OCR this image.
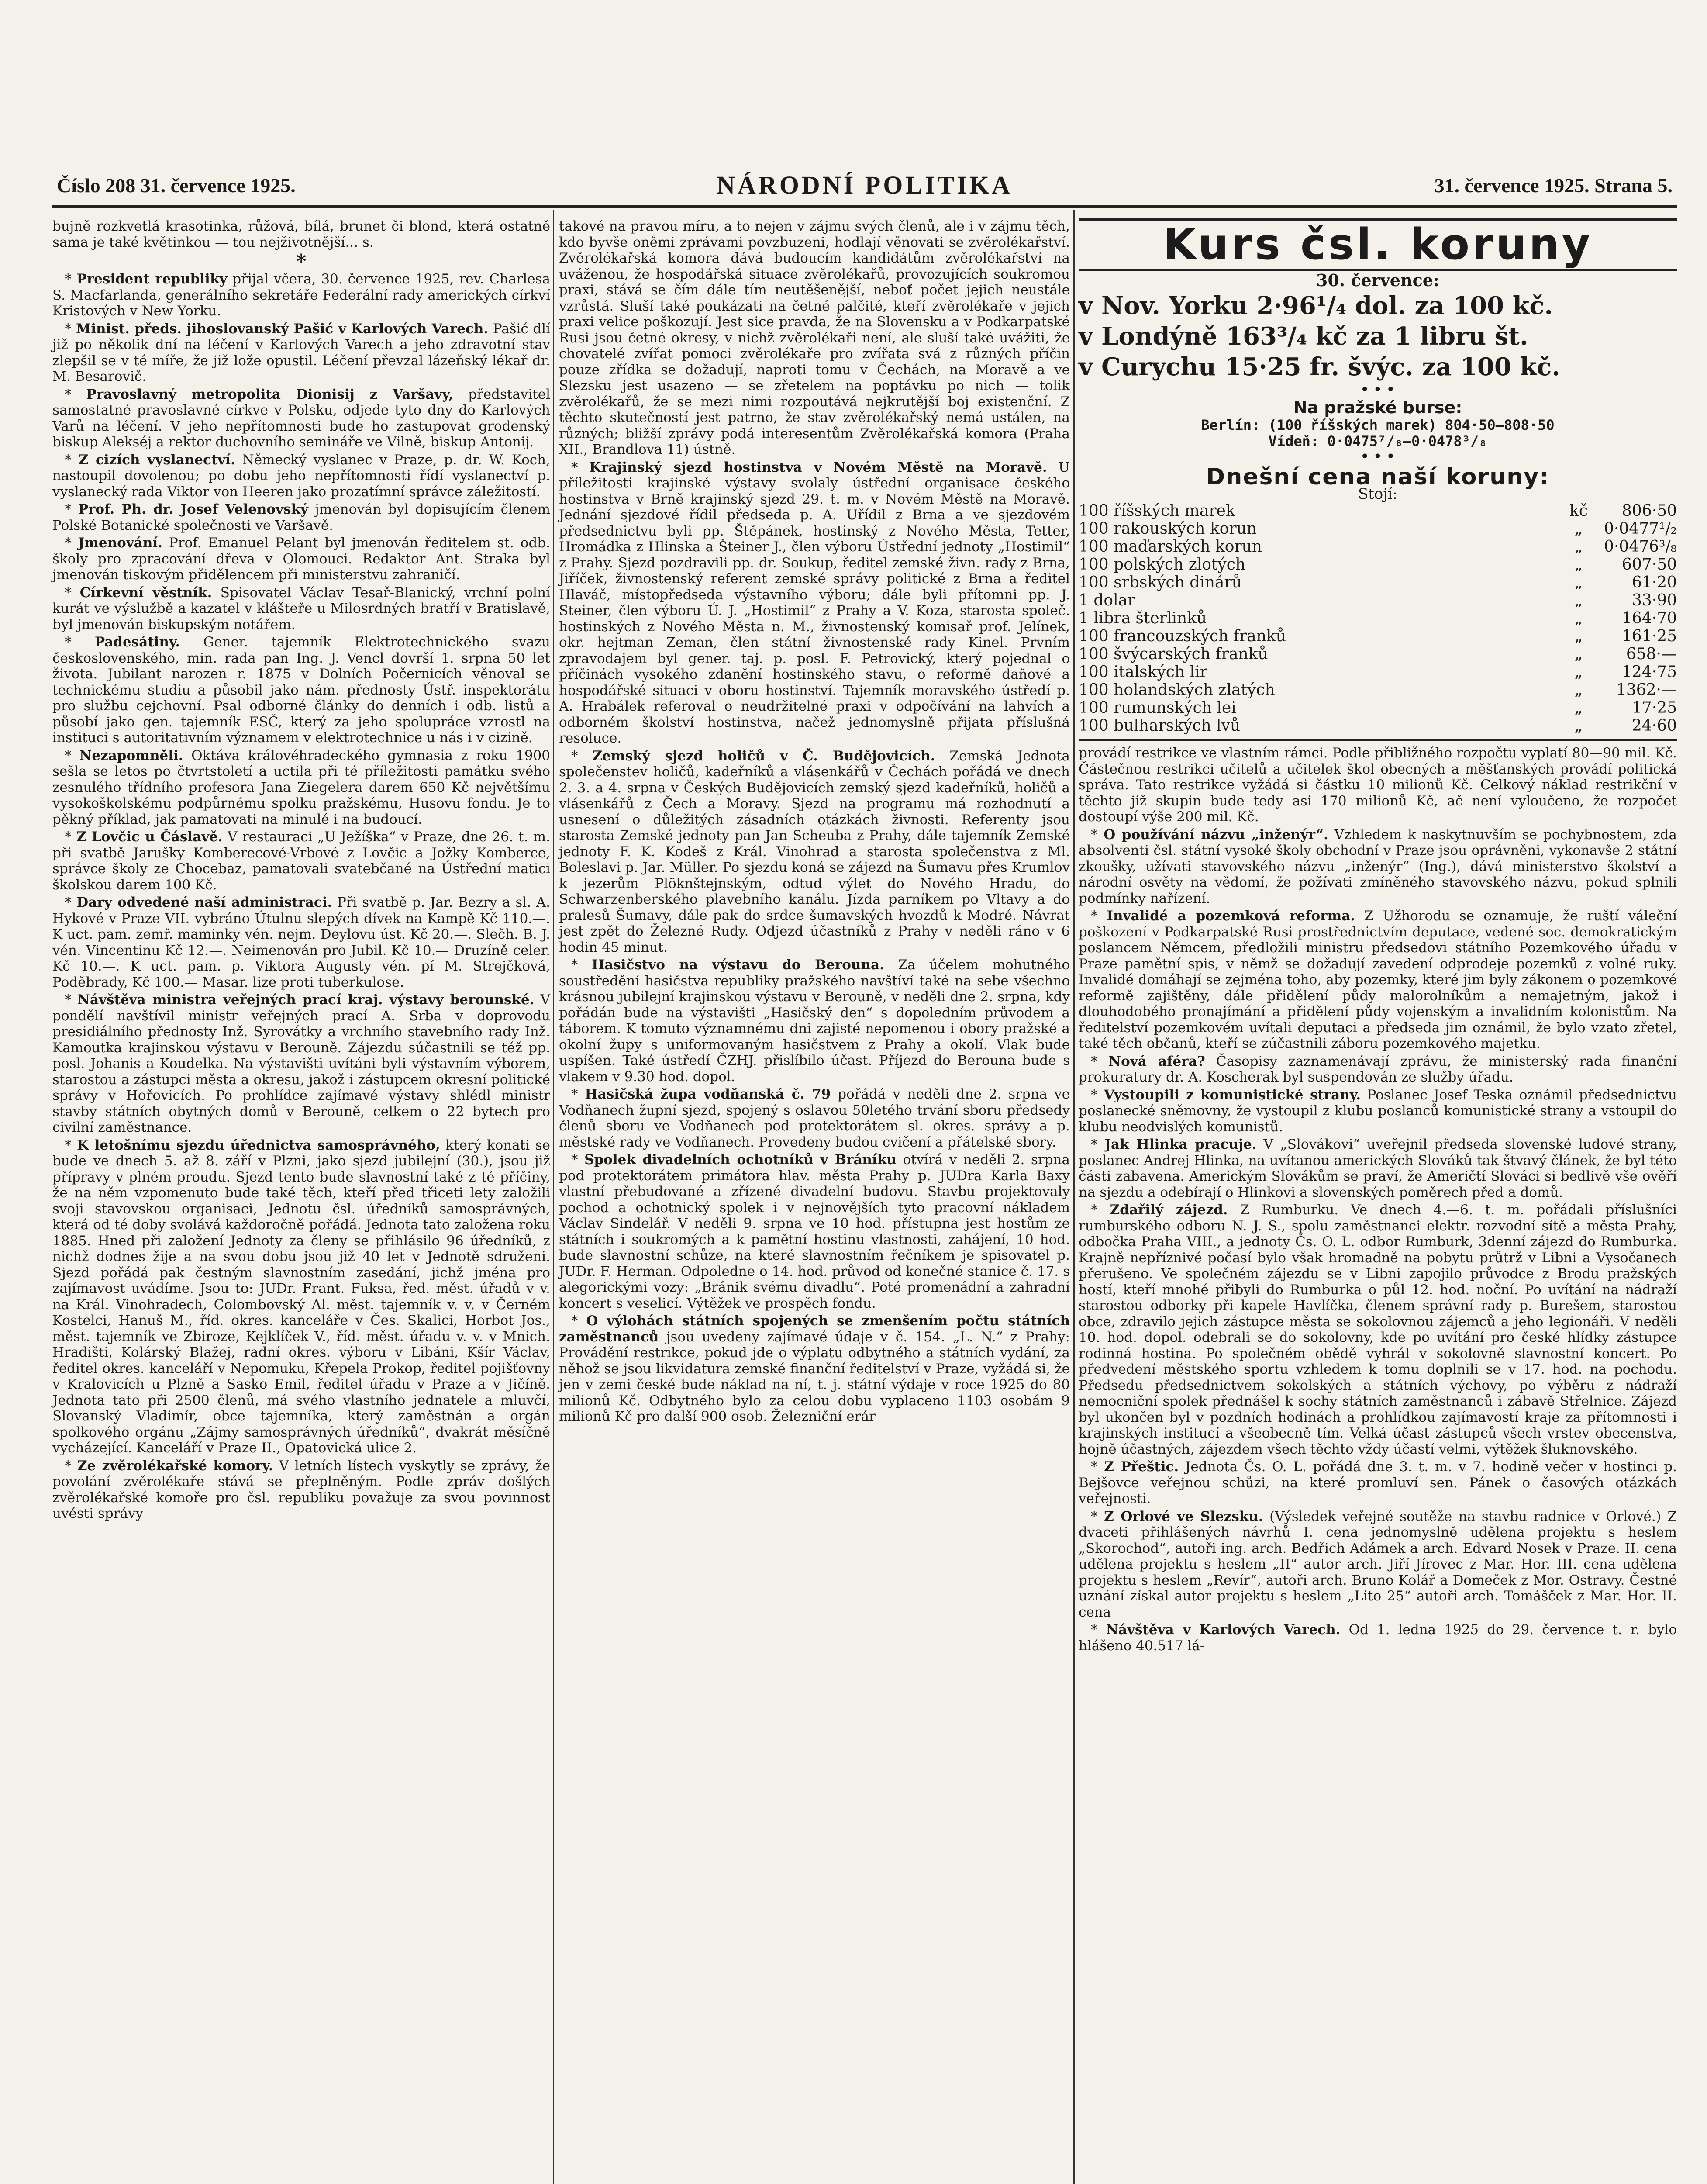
Číslo 208 31. července 1925.	NÁRODNÍ POLITIKA	31. července 1925. Strana 5.

bujně rozkvetlá krasotinka, růžová, bílá, brunet či blond, která ostatně sama je také květinkou — tou nejživotnější... s.

*

* President republiky přijal včera, 30. července 1925, rev. Charlesa S. Macfarlanda, generálního sekretáře Federální rady amerických církví Kristových v New Yorku.

* Minist. předs. jihoslovanský Pašić v Karlových Varech. Pašić dlí již po několik dní na léčení v Karlových Varech a jeho zdravotní stav zlepšil se v té míře, že již lože opustil. Léčení převzal lázeňský lékař dr. M. Besarovič.

* Pravoslavný metropolita Dionisij z Varšavy, představitel samostatné pravoslavné církve v Polsku, odjede tyto dny do Karlových Varů na léčení. V jeho nepřítomnosti bude ho zastupovat grodenský biskup Alekséj a rektor duchovního semináře ve Vilně, biskup Antonij.

* Z cizích vyslanectví. Německý vyslanec v Praze, p. dr. W. Koch, nastoupil dovolenou; po dobu jeho nepřítomnosti řídí vyslanectví p. vyslanecký rada Viktor von Heeren jako prozatímní správce záležitostí.

* Prof. Ph. dr. Josef Velenovský jmenován byl dopisujícím členem Polské Botanické společnosti ve Varšavě.

* Jmenování. Prof. Emanuel Pelant byl jmenován ředitelem st. odb. školy pro zpracování dřeva v Olomouci. Redaktor Ant. Straka byl jmenován tiskovým přidělencem při ministerstvu zahraničí.

* Církevní věstník. Spisovatel Václav Tesař-Blanický, vrchní polní kurát ve výslužbě a kazatel v klášteře u Milosrdných bratří v Bratislavě, byl jmenován biskupským notářem.

* Padesátiny. Gener. tajemník Elektrotechnického svazu československého, min. rada pan Ing. J. Vencl dovrší 1. srpna 50 let života. Jubilant narozen r. 1875 v Dolních Počernicích věnoval se technickému studiu a působil jako nám. přednosty Ústř. inspektorátu pro službu cejchovní. Psal odborné články do denních i odb. listů a působí jako gen. tajemník ESČ, který za jeho spolupráce vzrostl na instituci s autoritativním významem v elektrotechnice u nás i v cizině.

* Nezapomněli. Oktáva královéhradeckého gymnasia z roku 1900 sešla se letos po čtvrtstoletí a uctila při té příležitosti památku svého zesnulého třídního profesora Jana Ziegelera darem 650 Kč největšímu vysokoškolskému podpůrnému spolku pražskému, Husovu fondu. Je to pěkný příklad, jak pamatovati na minulé i na budoucí.

* Z Lovčic u Čáslavě. V restauraci „U Ježíška“ v Praze, dne 26. t. m. při svatbě Jarušky Komberecové-Vrbové z Lovčic a Jožky Komberce, správce školy ze Chocebaz, pamatovali svatebčané na Ústřední matici školskou darem 100 Kč.

* Dary odvedené naší administraci. Při svatbě p. Jar. Bezry a sl. A. Hykové v Praze VII. vybráno Útulnu slepých dívek na Kampě Kč 110.—. K uct. pam. zemř. maminky vén. nejm. Deylovu úst. Kč 20.—. Slečh. B. J. vén. Vincentinu Kč 12.—. Neimenován pro Jubil. Kč 10.— Druzíně celer. Kč 10.—. K uct. pam. p. Viktora Augusty vén. pí M. Strejčková, Poděbrady, Kč 100.— Masar. lize proti tuberkulose.

* Návštěva ministra veřejných prací kraj. výstavy berounské. V pondělí navštívil ministr veřejných prací A. Srba v doprovodu presidiálního přednosty Inž. Syrovátky a vrchního stavebního rady Inž. Kamoutka krajinskou výstavu v Berouně. Zájezdu súčastnili se též pp. posl. Johanis a Koudelka. Na výstavišti uvítáni byli výstavním výborem, starostou a zástupci města a okresu, jakož i zástupcem okresní politické správy v Hořovicích. Po prohlídce zajímavé výstavy shlédl ministr stavby státních obytných domů v Berouně, celkem o 22 bytech pro civilní zaměstnance.

* K letošnímu sjezdu úřednictva samosprávného, který konati se bude ve dnech 5. až 8. září v Plzni, jako sjezd jubilejní (30.), jsou již přípravy v plném proudu. Sjezd tento bude slavnostní také z té příčiny, že na něm vzpomenuto bude také těch, kteří před třiceti lety založili svoji stavovskou organisaci, Jednotu čsl. úředníků samosprávných, která od té doby svolává každoročně pořádá. Jednota tato založena roku 1885. Hned při založení Jednoty za členy se přihlásilo 96 úředníků, z nichž dodnes žije a na svou dobu jsou již 40 let v Jednotě sdruženi. Sjezd pořádá pak čestným slavnostním zasedání, jichž jména pro zajímavost uvádíme. Jsou to: JUDr. Frant. Fuksa, řed. měst. úřadů v v. na Král. Vinohradech, Colombovský Al. měst. tajemník v. v. v Černém Kostelci, Hanuš M., říd. okres. kanceláře v Čes. Skalici, Horbot Jos., měst. tajemník ve Zbiroze, Kejklíček V., říd. měst. úřadu v. v. v Mnich. Hradišti, Kolárský Blažej, radní okres. výboru v Libáni, Kšír Václav, ředitel okres. kanceláří v Nepomuku, Křepela Prokop, ředitel pojišťovny v Kralovicích u Plzně a Sasko Emil, ředitel úřadu v Praze a v Jičíně. Jednota tato při 2500 členů, má svého vlastního jednatele a mluvčí, Slovanský Vladimír, obce tajemníka, který zaměstnán a orgán spolkového orgánu „Zájmy samosprávných úředníků“, dvakrát měsíčně vycházející. Kanceláří v Praze II., Opatovická ulice 2.

* Ze zvěrolékařské komory. V letních lístech vyskytly se zprávy, že povolání zvěrolékaře stává se přeplněným. Podle zpráv došlých zvěrolékařské komoře pro čsl. republiku považuje za svou povinnost uvésti správy

takové na pravou míru, a to nejen v zájmu svých členů, ale i v zájmu těch, kdo byvše oněmi zprávami povzbuzeni, hodlají věnovati se zvěrolékařství. Zvěrolékařská komora dává budoucím kandidátům zvěrolékařství na uváženou, že hospodářská situace zvěrolékařů, provozujících soukromou praxi, stává se čím dále tím neutěšenější, neboť počet jejich neustále vzrůstá. Sluší také poukázati na četné palčité, kteří zvěrolékaře v jejich praxi velice poškozují. Jest sice pravda, že na Slovensku a v Podkarpatské Rusi jsou četné okresy, v nichž zvěrolékaři není, ale sluší také uvážiti, že chovatelé zvířat pomoci zvěrolékaře pro zvířata svá z různých příčin pouze zřídka se dožadují, naproti tomu v Čechách, na Moravě a ve Slezsku jest usazeno — se zřetelem na poptávku po nich — tolik zvěrolékařů, že se mezi nimi rozpoutává nejkrutější boj existenční. Z těchto skutečností jest patrno, že stav zvěrolékařský nemá ustálen, na různých; bližší zprávy podá interesentům Zvěrolékařská komora (Praha XII., Brandlova 11) ústně.

* Krajinský sjezd hostinstva v Novém Městě na Moravě. U příležitosti krajinské výstavy svolaly ústřední organisace českého hostinstva v Brně krajinský sjezd 29. t. m. v Novém Městě na Moravě. Jednání sjezdové řídil předseda p. A. Uřídil z Brna a ve sjezdovém předsednictvu byli pp. Štěpánek, hostinský z Nového Města, Tetter, Hromádka z Hlinska a Šteiner J., člen výboru Ústřední jednoty „Hostimil“ z Prahy. Sjezd pozdravili pp. dr. Soukup, ředitel zemské živn. rady z Brna, Jiříček, živnostenský referent zemské správy politické z Brna a ředitel Hlaváč, místopředseda výstavního výboru; dále byli přítomni pp. J. Steiner, člen výboru Ú. J. „Hostimil“ z Prahy a V. Koza, starosta společ. hostinských z Nového Města n. M., živnostenský komisař prof. Jelínek, okr. hejtman Zeman, člen státní živnostenské rady Kinel. Prvním zpravodajem byl gener. taj. p. posl. F. Petrovický, který pojednal o příčinách vysokého zdanění hostinského stavu, o reformě daňové a hospodářské situaci v oboru hostinství. Tajemník moravského ústředí p. A. Hrabálek referoval o neudržitelné praxi v odpočívání na lahvích a odborném školství hostinstva, načež jednomyslně přijata příslušná resoluce.

* Zemský sjezd holičů v Č. Budějovicích. Zemská Jednota společenstev holičů, kadeřníků a vlásenkářů v Čechách pořádá ve dnech 2. 3. a 4. srpna v Českých Budějovicích zemský sjezd kadeřníků, holičů a vlásenkářů z Čech a Moravy. Sjezd na programu má rozhodnutí a usnesení o důležitých zásadních otázkách živnosti. Referenty jsou starosta Zemské jednoty pan Jan Scheuba z Prahy, dále tajemník Zemské jednoty F. K. Kodeš z Král. Vinohrad a starosta společenstva z Ml. Boleslavi p. Jar. Müller. Po sjezdu koná se zájezd na Šumavu přes Krumlov k jezerům Plöknštejnským, odtud výlet do Nového Hradu, do Schwarzenberského plavebního kanálu. Jízda parníkem po Vltavy a do pralesů Šumavy, dále pak do srdce šumavských hvozdů k Modré. Návrat jest zpět do Železné Rudy. Odjezd účastníků z Prahy v neděli ráno v 6 hodin 45 minut.

* Hasičstvo na výstavu do Berouna. Za účelem mohutného soustředění hasičstva republiky pražského navštíví také na sebe všechno krásnou jubilejní krajinskou výstavu v Berouně, v neděli dne 2. srpna, kdy pořádán bude na výstavišti „Hasičský den“ s dopoledním průvodem a táborem. K tomuto významnému dni zajisté nepomenou i obory pražské a okolní župy s uniformovaným hasičstvem z Prahy a okolí. Vlak bude uspíšen. Také ústředí ČZHJ. přislíbilo účast. Příjezd do Berouna bude s vlakem v 9.30 hod. dopol.

* Hasičská župa vodňanská č. 79 pořádá v neděli dne 2. srpna ve Vodňanech župní sjezd, spojený s oslavou 50letého trvání sboru předsedy členů sboru ve Vodňanech pod protektorátem sl. okres. správy a p. městské rady ve Vodňanech. Provedeny budou cvičení a přátelské sbory.

* Spolek divadelních ochotníků v Bráníku otvírá v neděli 2. srpna pod protektorátem primátora hlav. města Prahy p. JUDra Karla Baxy vlastní přebudované a zřízené divadelní budovu. Stavbu projektovaly pochod a ochotnický spolek i v nejnovějších tyto pracovní nákladem Václav Sindelář. V neděli 9. srpna ve 10 hod. přístupna jest hostům ze státních i soukromých a k pamětní hostinu vlastnosti, zahájení, 10 hod. bude slavnostní schůze, na které slavnostním řečníkem je spisovatel p. JUDr. F. Herman. Odpoledne o 14. hod. průvod od konečné stanice č. 17. s alegorickými vozy: „Bránik svému divadlu“. Poté promenádní a zahradní koncert s veselicí. Výtěžek ve prospěch fondu.

* O výlohách státních spojených se zmenšením počtu státních zaměstnanců jsou uvedeny zajímavé údaje v č. 154. „L. N.“ z Prahy: Provádění restrikce, pokud jde o výplatu odbytného a státních vydání, za něhož se jsou likvidatura zemské finanční ředitelství v Praze, vyžádá si, že jen v zemi české bude náklad na ní, t. j. státní výdaje v roce 1925 do 80 milionů Kč. Odbytného bylo za celou dobu vyplaceno 1103 osobám 9 milionů Kč pro další 900 osob. Železniční erár

Kurs čsl. koruny

30. července:

v Nov. Yorku 2·96¹/₄ dol. za 100 kč.

v Londýně 163³/₄ kč za 1 libru št.

v Curychu 15·25 fr. švýc. za 100 kč.

• • •

Na pražské burse:

Berlín: (100 říšských marek) 804·50—808·50

Vídeň: 0·0475⁷/₈—0·0478³/₈

• • •

Dnešní cena naší koruny:

Stojí:

100 říšských marek	kč	806·50
100 rakouských korun	„	0·0477¹/₂
100 maďarských korun	„	0·0476³/₈
100 polských zlotých	„	607·50
100 srbských dinárů	„	61·20
1 dolar	„	33·90
1 libra šterlinků	„	164·70
100 francouzských franků	„	161·25
100 švýcarských franků	„	658·—
100 italských lir	„	124·75
100 holandských zlatých	„	1362·—
100 rumunských lei	„	17·25
100 bulharských lvů	„	24·60

provádí restrikce ve vlastním rámci. Podle přibližného rozpočtu vyplatí 80—90 mil. Kč. Částečnou restrikci učitelů a učitelek škol obecných a měšťanských provádí politická správa. Tato restrikce vyžádá si částku 10 milionů Kč. Celkový náklad restrikční v těchto již skupin bude tedy asi 170 milionů Kč, ač není vyloučeno, že rozpočet dostoupí výše 200 mil. Kč.

* O používání názvu „inženýr“. Vzhledem k naskytnuvším se pochybnostem, zda absolventi čsl. státní vysoké školy obchodní v Praze jsou oprávněni, vykonavše 2 státní zkoušky, užívati stavovského názvu „inženýr“ (Ing.), dává ministerstvo školství a národní osvěty na vědomí, že požívati zmíněného stavovského názvu, pokud splnili podmínky nařízení.

* Invalidé a pozemková reforma. Z Užhorodu se oznamuje, že ruští váleční poškození v Podkarpatské Rusi prostřednictvím deputace, vedené soc. demokratickým poslancem Němcem, předložili ministru předsedovi státního Pozemkového úřadu v Praze pamětní spis, v němž se dožadují zavedení odprodeje pozemků z volné ruky. Invalidé domáhají se zejména toho, aby pozemky, které jim byly zákonem o pozemkové reformě zajištěny, dále přidělení půdy malorolníkům a nemajetným, jakož i dlouhodobého pronajímání a přidělení půdy vojenským a invalidním kolonistům. Na ředitelství pozemkovém uvítali deputaci a předseda jim oznámil, že bylo vzato zřetel, také těch občanů, kteří se zúčastnili záboru pozemkového majetku.

* Nová aféra? Časopisy zaznamenávají zprávu, že ministerský rada finanční prokuratury dr. A. Koscherak byl suspendován ze služby úřadu.

* Vystoupili z komunistické strany. Poslanec Josef Teska oznámil předsednictvu poslanecké sněmovny, že vystoupil z klubu poslanců komunistické strany a vstoupil do klubu neodvislých komunistů.

* Jak Hlinka pracuje. V „Slovákovi“ uveřejnil předseda slovenské ludové strany, poslanec Andrej Hlinka, na uvítanou amerických Slováků tak štvavý článek, že byl této části zabavena. Americkým Slovákům se praví, že Američtí Slováci si bedlivě vše ověří na sjezdu a odebírají o Hlinkovi a slovenských poměrech před a domů.

* Zdařilý zájezd. Z Rumburku. Ve dnech 4.—6. t. m. pořádali příslušníci rumburského odboru N. J. S., spolu zaměstnanci elektr. rozvodní sítě a města Prahy, odbočka Praha VIII., a jednoty Čs. O. L. odbor Rumburk, 3denní zájezd do Rumburka. Krajně nepříznivé počasí bylo však hromadně na pobytu průtrž v Libni a Vysočanech přerušeno. Ve společném zájezdu se v Libni zapojilo průvodce z Brodu pražských hostí, kteří mnohé přibyli do Rumburka o půl 12. hod. noční. Po uvítání na nádraží starostou odborky při kapele Havlíčka, členem správní rady p. Burešem, starostou obce, zdravilo jejich zástupce města se sokolovnou zájemců a jeho legionáři. V neděli 10. hod. dopol. odebrali se do sokolovny, kde po uvítání pro české hlídky zástupce rodinná hostina. Po společném obědě vyhrál v sokolovně slavnostní koncert. Po předvedení městského sportu vzhledem k tomu doplnili se v 17. hod. na pochodu. Předsedu předsednictvem sokolských a státních výchovy, po výběru z nádraží nemocniční spolek přednášel k sochy státních zaměstnanců i zábavě Střelnice. Zájezd byl ukončen byl v pozdních hodinách a prohlídkou zajímavostí kraje za přítomnosti i krajinských institucí a všeobecně tím. Velká účast zástupců všech vrstev obecenstva, hojně účastných, zájezdem všech těchto vždy účastí velmi, výtěžek šluknovského.

* Z Přeštic. Jednota Čs. O. L. pořádá dne 3. t. m. v 7. hodině večer v hostinci p. Bejšovce veřejnou schůzi, na které promluví sen. Pánek o časových otázkách veřejnosti.

* Z Orlové ve Slezsku. (Výsledek veřejné soutěže na stavbu radnice v Orlové.) Z dvaceti přihlášených návrhů I. cena jednomyslně udělena projektu s heslem „Skorochod“, autoři ing. arch. Bedřich Adámek a arch. Edvard Nosek v Praze. II. cena udělena projektu s heslem „II“ autor arch. Jiří Jírovec z Mar. Hor. III. cena udělena projektu s heslem „Revír“, autoři arch. Bruno Kolář a Domeček z Mor. Ostravy. Čestné uznání získal autor projektu s heslem „Lito 25“ autoři arch. Tomášček z Mar. Hor. II. cena

* Návštěva v Karlových Varech. Od 1. ledna 1925 do 29. července t. r. bylo hlášeno 40.517 lá-
